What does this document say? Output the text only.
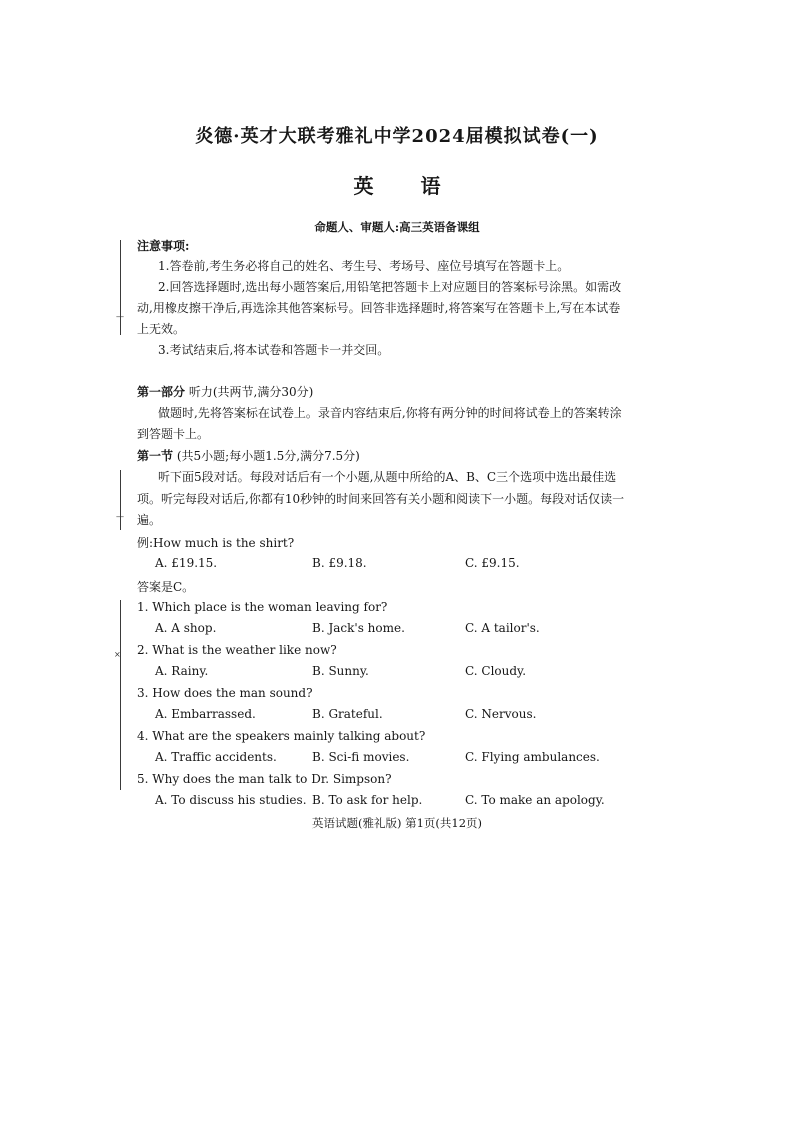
—
—
×
炎德·英才大联考雅礼中学2024届模拟试卷(一)
英 语
命题人、审题人:高三英语备课组
注意事项:
1.答卷前,考生务必将自己的姓名、考生号、考场号、座位号填写在答题卡上。
2.回答选择题时,选出每小题答案后,用铅笔把答题卡上对应题目的答案标号涂黑。如需改
动,用橡皮擦干净后,再选涂其他答案标号。回答非选择题时,将答案写在答题卡上,写在本试卷
上无效。
3.考试结束后,将本试卷和答题卡一并交回。
第一部分 听力(共两节,满分30分)
做题时,先将答案标在试卷上。录音内容结束后,你将有两分钟的时间将试卷上的答案转涂
到答题卡上。
第一节 (共5小题;每小题1.5分,满分7.5分)
听下面5段对话。每段对话后有一个小题,从题中所给的A、B、C三个选项中选出最佳选
项。听完每段对话后,你都有10秒钟的时间来回答有关小题和阅读下一小题。每段对话仅读一
遍。
例:How much is the shirt?
A. £19.15.	B. £9.18.	C. £9.15.
答案是C。
1. Which place is the woman leaving for?
A. A shop.	B. Jack's home.	C. A tailor's.
2. What is the weather like now?
A. Rainy.	B. Sunny.	C. Cloudy.
3. How does the man sound?
A. Embarrassed.	B. Grateful.	C. Nervous.
4. What are the speakers mainly talking about?
A. Traffic accidents.	B. Sci-fi movies.	C. Flying ambulances.
5. Why does the man talk to Dr. Simpson?
A. To discuss his studies. B. To ask for help.	C. To make an apology.
英语试题(雅礼版) 第1页(共12页)
